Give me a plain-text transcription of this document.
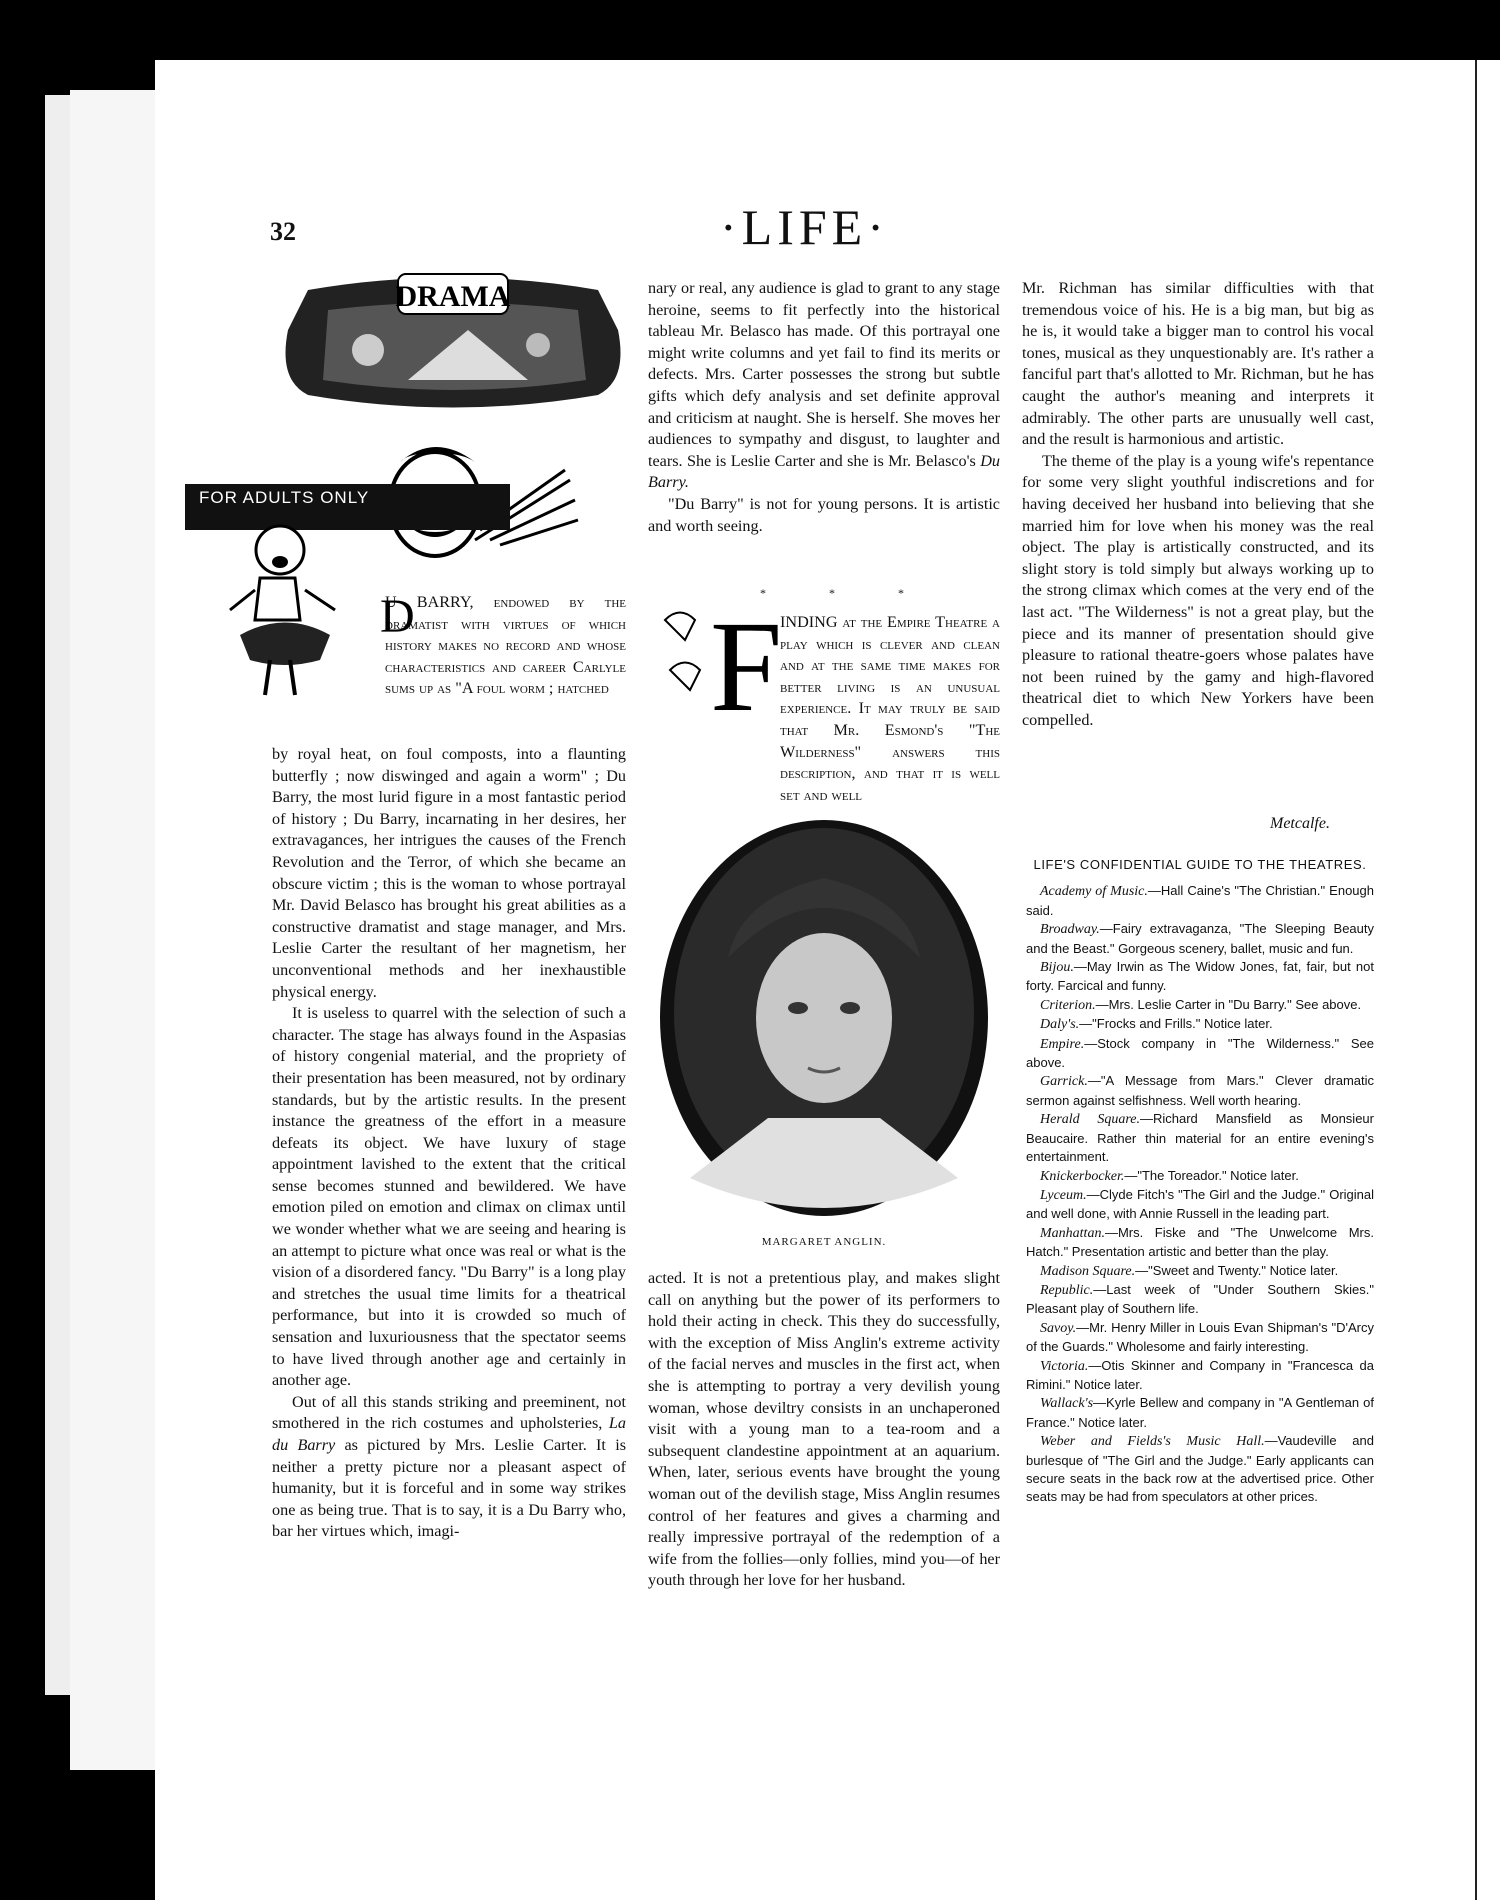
32	·LIFE·
DRAMA
FOR ADULTS ONLY

U BARRY, endowed by the dramatist with virtues of which history makes no record and whose characteristics and career Carlyle sums up as "A foul worm ; hatched

D

by royal heat, on foul composts, into a flaunting butterfly ; now diswinged and again a worm" ; Du Barry, the most lurid figure in a most fantastic period of history ; Du Barry, incarnating in her desires, her extravagances, her intrigues the causes of the French Revolution and the Terror, of which she became an obscure victim ; this is the woman to whose portrayal Mr. David Belasco has brought his great abilities as a constructive dramatist and stage manager, and Mrs. Leslie Carter the resultant of her magnetism, her unconventional methods and her inexhaustible physical energy.

It is useless to quarrel with the selection of such a character. The stage has always found in the Aspasias of history congenial material, and the propriety of their presentation has been measured, not by ordinary standards, but by the artistic results. In the present instance the greatness of the effort in a measure defeats its object. We have luxury of stage appointment lavished to the extent that the critical sense becomes stunned and bewildered. We have emotion piled on emotion and climax on climax until we wonder whether what we are seeing and hearing is an attempt to picture what once was real or what is the vision of a disordered fancy. "Du Barry" is a long play and stretches the usual time limits for a theatrical performance, but into it is crowded so much of sensation and luxuriousness that the spectator seems to have lived through another age and certainly in another age.

Out of all this stands striking and preeminent, not smothered in the rich costumes and upholsteries, La du Barry as pictured by Mrs. Leslie Carter. It is neither a pretty picture nor a pleasant aspect of humanity, but it is forceful and in some way strikes one as being true. That is to say, it is a Du Barry who, bar her virtues which, imagi-

nary or real, any audience is glad to grant to any stage heroine, seems to fit perfectly into the historical tableau Mr. Belasco has made. Of this portrayal one might write columns and yet fail to find its merits or defects. Mrs. Carter possesses the strong but subtle gifts which defy analysis and set definite approval and criticism at naught. She is herself. She moves her audiences to sympathy and disgust, to laughter and tears. She is Leslie Carter and she is Mr. Belasco's Du Barry.

"Du Barry" is not for young persons. It is artistic and worth seeing.

* * *
F

INDING at the Empire Theatre a play which is clever and clean and at the same time makes for better living is an unusual experience. It may truly be said that Mr. Esmond's "The Wilderness" answers this description, and that it is well set and well

MARGARET ANGLIN.

acted. It is not a pretentious play, and makes slight call on anything but the power of its performers to hold their acting in check. This they do successfully, with the exception of Miss Anglin's extreme activity of the facial nerves and muscles in the first act, when she is attempting to portray a very devilish young woman, whose deviltry consists in an unchaperoned visit with a young man to a tea-room and a subsequent clandestine appointment at an aquarium. When, later, serious events have brought the young woman out of the devilish stage, Miss Anglin resumes control of her features and gives a charming and really impressive portrayal of the redemption of a wife from the follies—only follies, mind you—of her youth through her love for her husband.

Mr. Richman has similar difficulties with that tremendous voice of his. He is a big man, but big as he is, it would take a bigger man to control his vocal tones, musical as they unquestionably are. It's rather a fanciful part that's allotted to Mr. Richman, but he has caught the author's meaning and interprets it admirably. The other parts are unusually well cast, and the result is harmonious and artistic.

The theme of the play is a young wife's repentance for some very slight youthful indiscretions and for having deceived her husband into believing that she married him for love when his money was the real object. The play is artistically constructed, and its slight story is told simply but always working up to the strong climax which comes at the very end of the last act. "The Wilderness" is not a great play, but the piece and its manner of presentation should give pleasure to rational theatre-goers whose palates have not been ruined by the gamy and high-flavored theatrical diet to which New Yorkers have been compelled.

Metcalfe.
LIFE'S CONFIDENTIAL GUIDE TO THE THEATRES.

Academy of Music.—Hall Caine's "The Christian." Enough said.

Broadway.—Fairy extravaganza, "The Sleeping Beauty and the Beast." Gorgeous scenery, ballet, music and fun.

Bijou.—May Irwin as The Widow Jones, fat, fair, but not forty. Farcical and funny.

Criterion.—Mrs. Leslie Carter in "Du Barry." See above.

Daly's.—"Frocks and Frills." Notice later.

Empire.—Stock company in "The Wilderness." See above.

Garrick.—"A Message from Mars." Clever dramatic sermon against selfishness. Well worth hearing.

Herald Square.—Richard Mansfield as Monsieur Beaucaire. Rather thin material for an entire evening's entertainment.

Knickerbocker.—"The Toreador." Notice later.

Lyceum.—Clyde Fitch's "The Girl and the Judge." Original and well done, with Annie Russell in the leading part.

Manhattan.—Mrs. Fiske and "The Unwelcome Mrs. Hatch." Presentation artistic and better than the play.

Madison Square.—"Sweet and Twenty." Notice later.

Republic.—Last week of "Under Southern Skies." Pleasant play of Southern life.

Savoy.—Mr. Henry Miller in Louis Evan Shipman's "D'Arcy of the Guards." Wholesome and fairly interesting.

Victoria.—Otis Skinner and Company in "Francesca da Rimini." Notice later.

Wallack's—Kyrle Bellew and company in "A Gentleman of France." Notice later.

Weber and Fields's Music Hall.—Vaudeville and burlesque of "The Girl and the Judge." Early applicants can secure seats in the back row at the advertised price. Other seats may be had from speculators at other prices.

comicbooks.com
